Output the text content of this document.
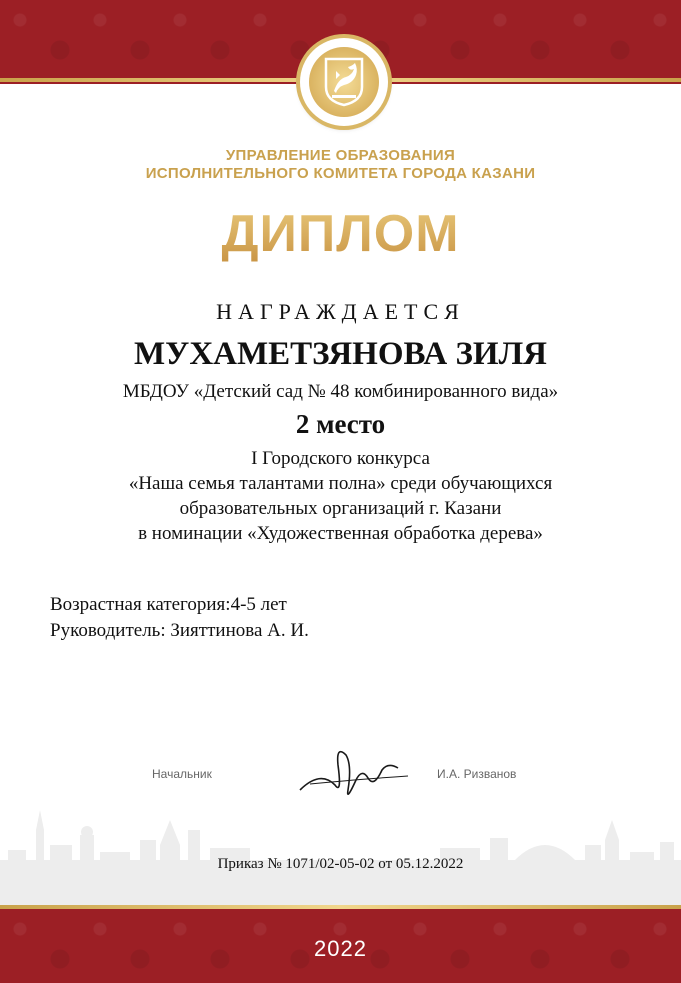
УПРАВЛЕНИЕ ОБРАЗОВАНИЯ
ИСПОЛНИТЕЛЬНОГО КОМИТЕТА ГОРОДА КАЗАНИ
ДИПЛОМ
НАГРАЖДАЕТСЯ
МУХАМЕТЗЯНОВА ЗИЛЯ
МБДОУ «Детский сад № 48 комбинированного вида»
2 место
I Городского конкурса
«Наша семья талантами полна» среди обучающихся
образовательных организаций г. Казани
в номинации «Художественная обработка дерева»
Возрастная категория:4-5 лет
Руководитель: Зияттинова А. И.
Начальник	И.А. Ризванов
Приказ № 1071/02-05-02 от 05.12.2022
2022
